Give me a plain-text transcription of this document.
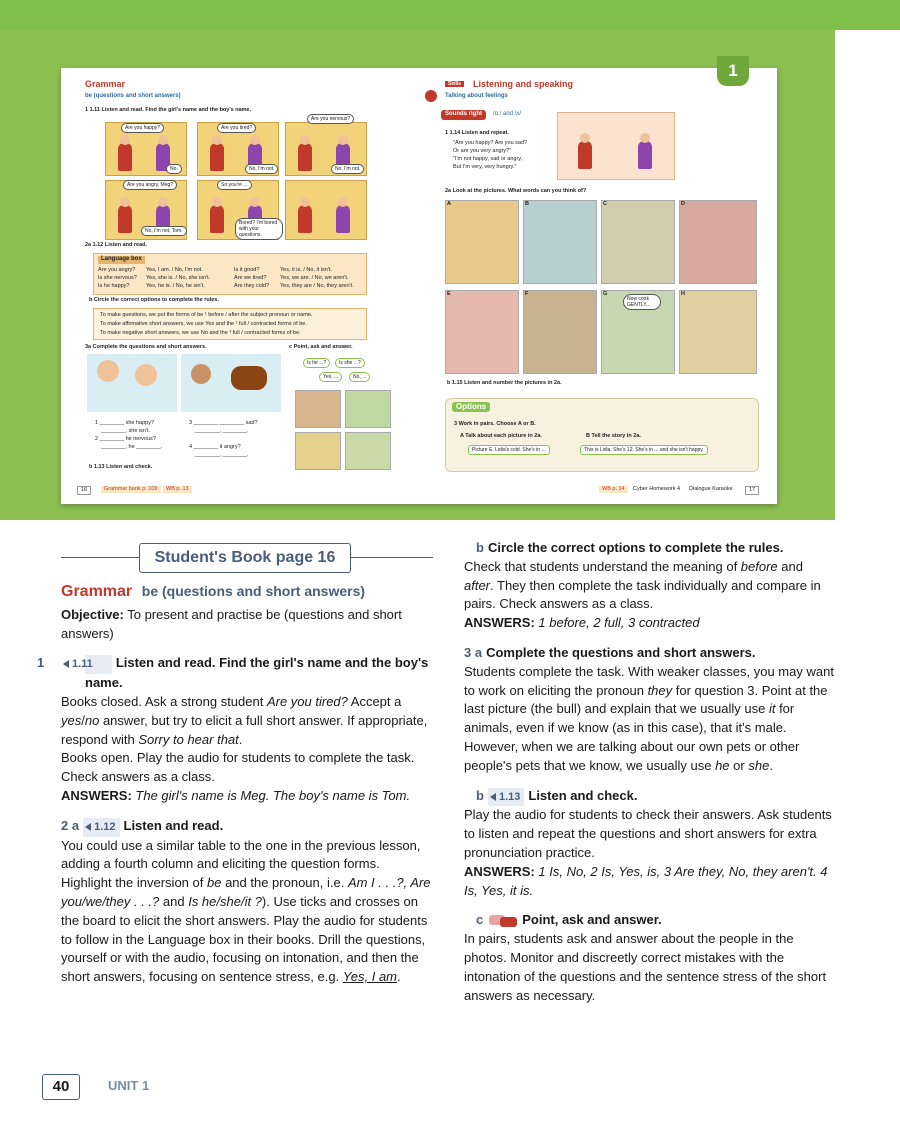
1
Grammar
be (questions and short answers)
1 1.11 Listen and read. Find the girl's name and the boy's name.
Are you happy?
No.
Are you tired?
No, I'm not.
Are you nervous?
No, I'm not.
Are you angry, Meg?
No, I'm not, Tom.
So you're ...
Bored? I'm bored with your questions.
2a 1.12 Listen and read.
Language box
Are you angry? Yes, I am. / No, I'm not.	Is it good?	Yes, it is. / No, it isn't.
Is she nervous? Yes, she is. / No, she isn't.	Are we tired? Yes, we are. / No, we aren't.
Is he happy?	Yes, he is. / No, he isn't.	Are they cold? Yes, they are / No, they aren't.
b Circle the correct options to complete the rules.
To make questions, we put the forms of be ¹ before / after the subject pronoun or name.
To make affirmative short answers, we use Yes and the ² full / contracted forms of be.
To make negative short answers, we use No and the ³ full / contracted forms of be.
3a Complete the questions and short answers.	c Point, ask and answer.
1 ________ she happy?
________, she isn't.
2 ________ he nervous?
________, he ________.
3 ________ ________ sad?
________, ________.
4 ________ it angry?
________, ________.
b 1.13 Listen and check.
Is he ...?	Is she ...?
Yes, ...	No, ...
16	Grammar bank p. 109	WB p. 13
Skills	Listening and speaking
Talking about feelings
Sounds right	/ɑː/ and /ʌ/
1 1.14 Listen and repeat.
"Are you happy? Are you sad?
Or are you very angry?"
"I'm not happy, sad or angry,
But I'm very, very hungry."
2a Look at the pictures. What words can you think of?
A	B	C	D
E	F	G	H
Now cook GENTLY...
b 1.15 Listen and number the pictures in 2a.
Options
3 Work in pairs. Choose A or B.
A Talk about each picture in 2a.	B Tell the story in 2a.
Picture E. Lidia's cold. She's in ...	This is Lidia. She's 12. She's in ... and she isn't happy.
WB p. 14	Cyber Homework 4 Dialogue Karaoke	17
Student's Book page 16

Grammar be (questions and short answers)

Objective: To present and practise be (questions and short answers)

1	1.11 Listen and read. Find the girl's name and the boy's name.

Books closed. Ask a strong student Are you tired? Accept a yes/no answer, but try to elicit a full short answer. If appropriate, respond with Sorry to hear that.

Books open. Play the audio for students to complete the task. Check answers as a class.

ANSWERS: The girl's name is Meg. The boy's name is Tom.

2 a 1.12 Listen and read.

You could use a similar table to the one in the previous lesson, adding a fourth column and eliciting the question forms. Highlight the inversion of be and the pronoun, i.e. Am I . . .?, Are you/we/they . . .? and Is he/she/it ?). Use ticks and crosses on the board to elicit the short answers. Play the audio for students to follow in the Language box in their books. Drill the questions, yourself or with the audio, focusing on intonation, and then the short answers, focusing on sentence stress, e.g. Yes, I am.

b Circle the correct options to complete the rules.

Check that students understand the meaning of before and after. They then complete the task individually and compare in pairs. Check answers as a class.

ANSWERS: 1 before, 2 full, 3 contracted

3 a Complete the questions and short answers.

Students complete the task. With weaker classes, you may want to work on eliciting the pronoun they for question 3. Point at the last picture (the bull) and explain that we usually use it for animals, even if we know (as in this case), that it's male. However, when we are talking about our own pets or other people's pets that we know, we usually use he or she.

b 1.13 Listen and check.

Play the audio for students to check their answers. Ask students to listen and repeat the questions and short answers for extra pronunciation practice.

ANSWERS: 1 Is, No, 2 Is, Yes, is, 3 Are they, No, they aren't. 4 Is, Yes, it is.

c	Point, ask and answer.

In pairs, students ask and answer about the people in the photos. Monitor and discreetly correct mistakes with the intonation of the questions and the sentence stress of the short answers as necessary.

40	UNIT 1
